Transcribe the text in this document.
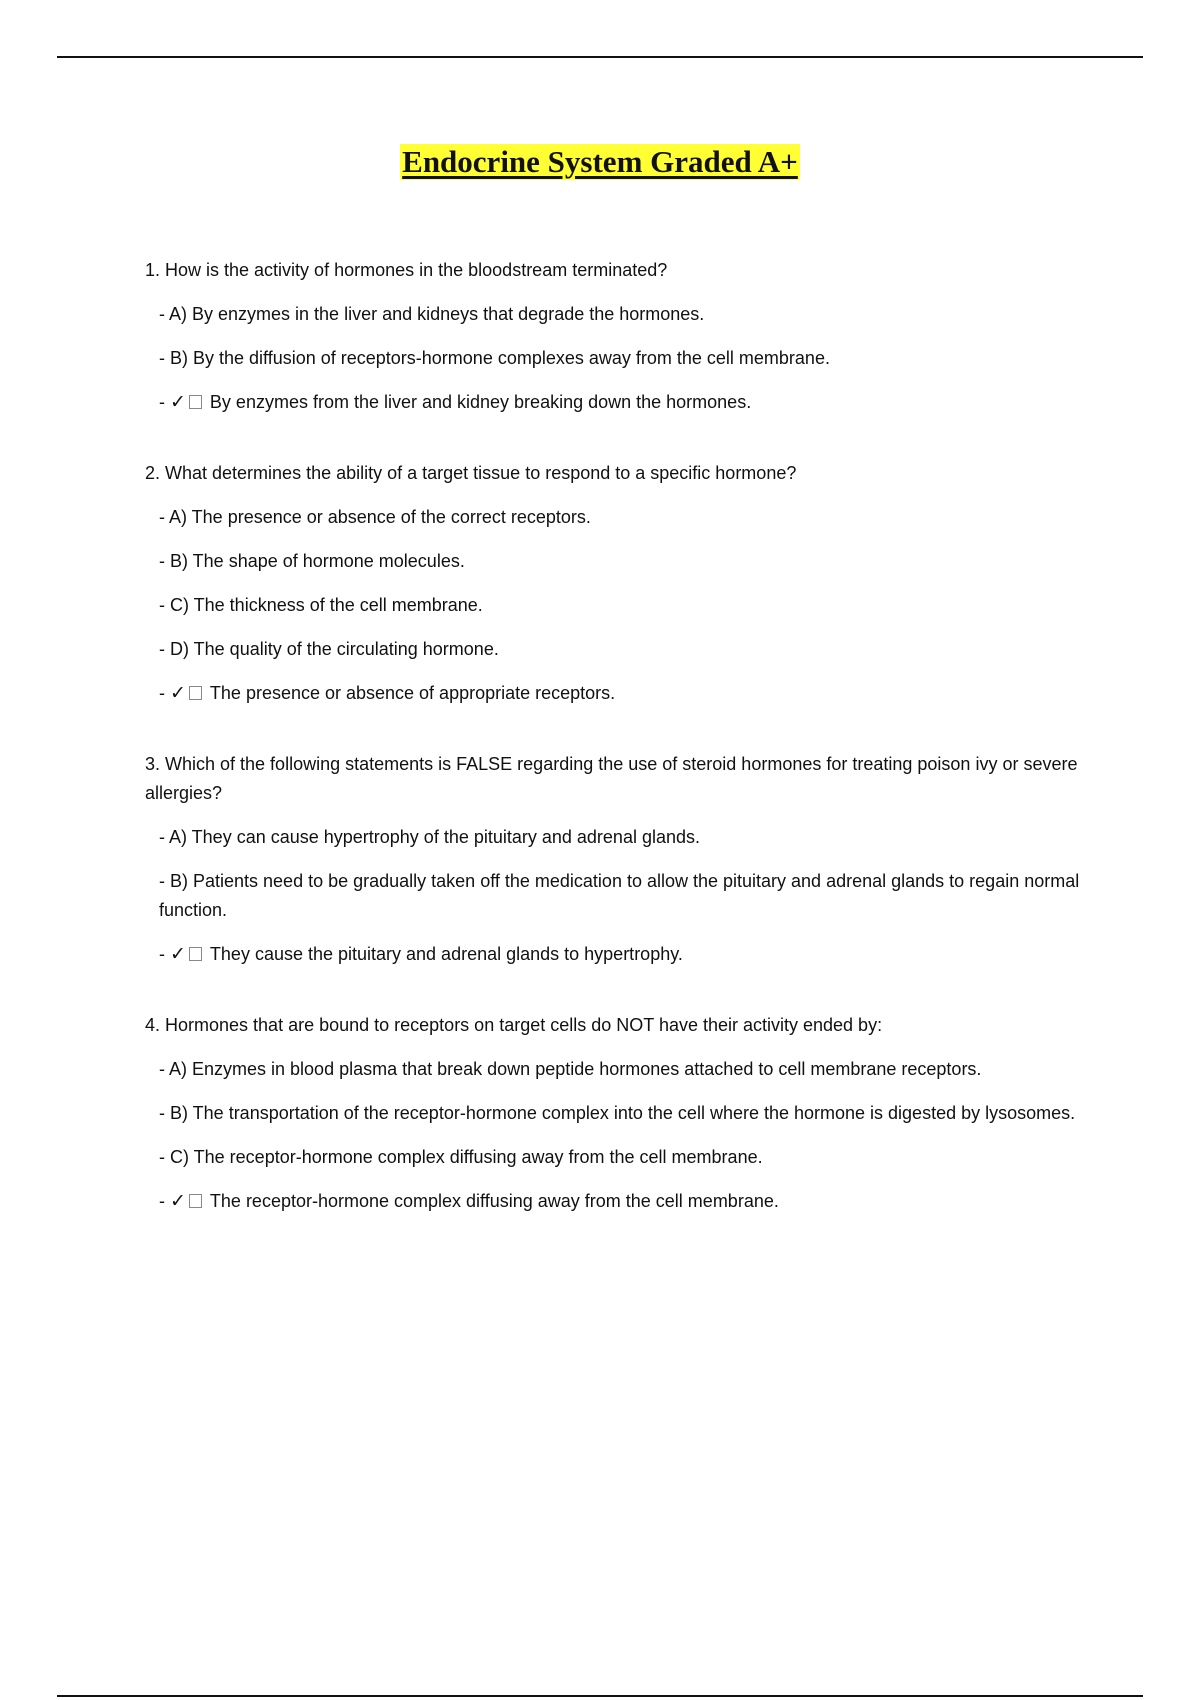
Endocrine System Graded A+
1. How is the activity of hormones in the bloodstream terminated?
- A) By enzymes in the liver and kidneys that degrade the hormones.
- B) By the diffusion of receptors-hormone complexes away from the cell membrane.
- ✓ By enzymes from the liver and kidney breaking down the hormones.
2. What determines the ability of a target tissue to respond to a specific hormone?
- A) The presence or absence of the correct receptors.
- B) The shape of hormone molecules.
- C) The thickness of the cell membrane.
- D) The quality of the circulating hormone.
- ✓ The presence or absence of appropriate receptors.
3. Which of the following statements is FALSE regarding the use of steroid hormones for treating poison ivy or severe allergies?
- A) They can cause hypertrophy of the pituitary and adrenal glands.
- B) Patients need to be gradually taken off the medication to allow the pituitary and adrenal glands to regain normal function.
- ✓ They cause the pituitary and adrenal glands to hypertrophy.
4. Hormones that are bound to receptors on target cells do NOT have their activity ended by:
- A) Enzymes in blood plasma that break down peptide hormones attached to cell membrane receptors.
- B) The transportation of the receptor-hormone complex into the cell where the hormone is digested by lysosomes.
- C) The receptor-hormone complex diffusing away from the cell membrane.
- ✓ The receptor-hormone complex diffusing away from the cell membrane.
